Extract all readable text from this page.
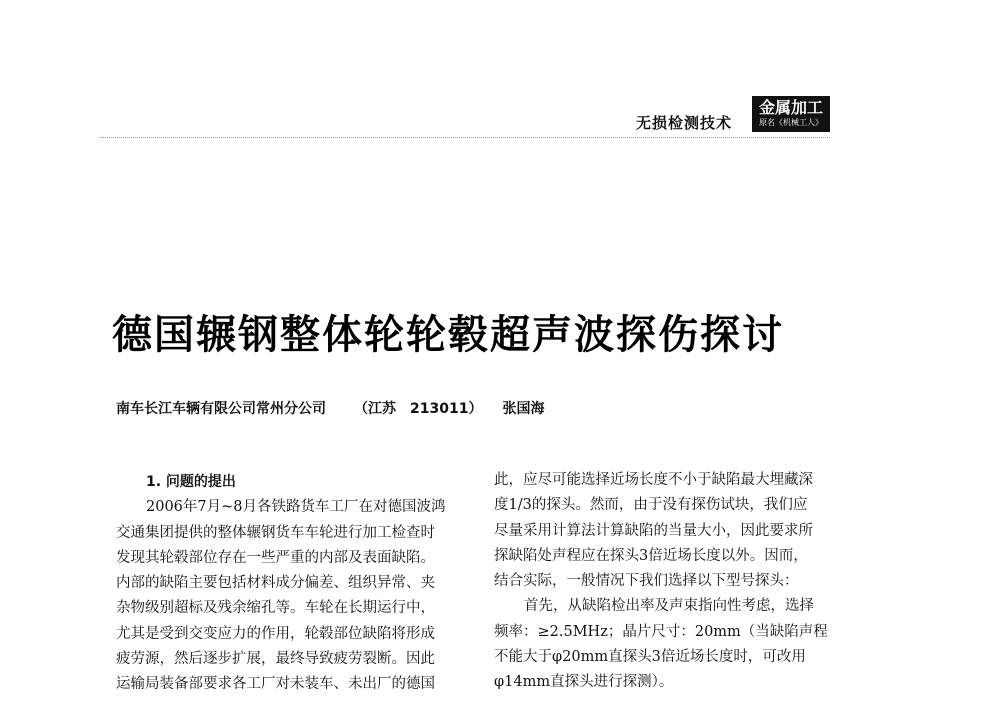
无损检测技术
金属加工
原名《机械工人》
德国辗钢整体轮轮毂超声波探伤探讨
南车长江车辆有限公司常州分公司 （江苏　213011） 张国海
1. 问题的提出
2006年7月~8月各铁路货车工厂在对德国波鸿
交通集团提供的整体辗钢货车车轮进行加工检查时
发现其轮毂部位存在一些严重的内部及表面缺陷。
内部的缺陷主要包括材料成分偏差、组织异常、夹
杂物级别超标及残余缩孔等。车轮在长期运行中，
尤其是受到交变应力的作用，轮毂部位缺陷将形成
疲劳源，然后逐步扩展，最终导致疲劳裂断。因此
运输局装备部要求各工厂对未装车、未出厂的德国
此，应尽可能选择近场长度不小于缺陷最大埋藏深
度1/3的探头。然而，由于没有探伤试块，我们应
尽量采用计算法计算缺陷的当量大小，因此要求所
探缺陷处声程应在探头3倍近场长度以外。因而，
结合实际，一般情况下我们选择以下型号探头：
首先，从缺陷检出率及声束指向性考虑，选择
频率：≥2.5MHz；晶片尺寸：20mm（当缺陷声程
不能大于φ20mm直探头3倍近场长度时，可改用
φ14mm直探头进行探测）。
